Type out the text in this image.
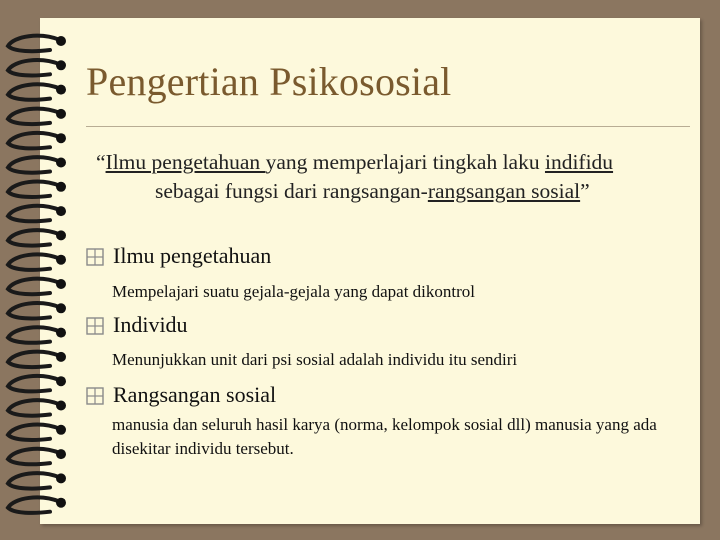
Pengertian Psikososial
“Ilmu pengetahuan yang memperlajari tingkah laku indifidu
sebagai fungsi dari rangsangan-rangsangan sosial”
Ilmu pengetahuan
Mempelajari suatu gejala-gejala yang dapat dikontrol
Individu
Menunjukkan unit dari psi sosial adalah individu itu sendiri
Rangsangan sosial
manusia dan seluruh hasil karya (norma, kelompok sosial dll) manusia yang ada disekitar individu tersebut.
